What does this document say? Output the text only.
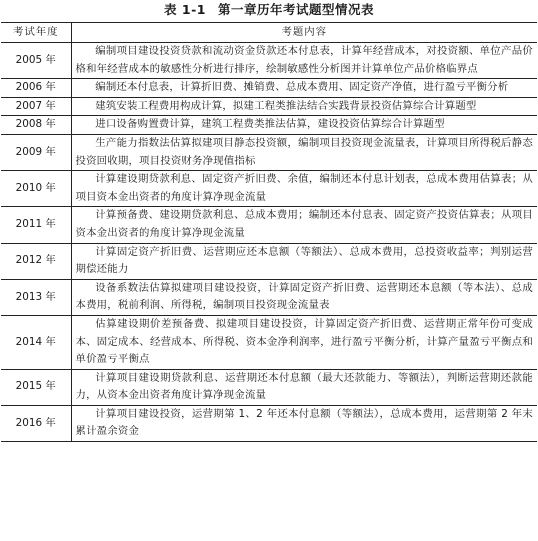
表 1-1 第一章历年考试题型情况表
考试年度	考题内容
2005 年	编制项目建设投资贷款和流动资金贷款还本付息表，计算年经营成本，对投资额、单位产品价格和年经营成本的敏感性分析进行排序，绘制敏感性分析图并计算单位产品价格临界点
2006 年	编制还本付息表，计算折旧费、摊销费、总成本费用、固定资产净值，进行盈亏平衡分析
2007 年	建筑安装工程费用构成计算，拟建工程类推法结合实践背景投资估算综合计算题型
2008 年	进口设备购置费计算，建筑工程费类推法估算，建设投资估算综合计算题型
2009 年	生产能力指数法估算拟建项目静态投资额，编制项目投资现金流量表，计算项目所得税后静态投资回收期，项目投资财务净现值指标
2010 年	计算建设期贷款利息、固定资产折旧费、余值，编制还本付息计划表，总成本费用估算表；从项目资本金出资者的角度计算净现金流量
2011 年	计算预备费、建设期贷款利息、总成本费用；编制还本付息表、固定资产投资估算表；从项目资本金出资者的角度计算净现金流量
2012 年	计算固定资产折旧费、运营期应还本息额（等额法）、总成本费用，总投资收益率；判别运营期偿还能力
2013 年	设备系数法估算拟建项目建设投资，计算固定资产折旧费、运营期还本息额（等本法）、总成本费用，税前利润、所得税，编制项目投资现金流量表
2014 年	估算建设期价差预备费、拟建项目建设投资，计算固定资产折旧费、运营期正常年份可变成本、固定成本、经营成本、所得税、资本金净利润率，进行盈亏平衡分析，计算产量盈亏平衡点和单价盈亏平衡点
2015 年	计算项目建设期贷款利息、运营期还本付息额（最大还款能力、等额法），判断运营期还款能力，从资本金出资者角度计算净现金流量
2016 年	计算项目建设投资，运营期第 1、2 年还本付息额（等额法），总成本费用，运营期第 2 年末累计盈余资金
